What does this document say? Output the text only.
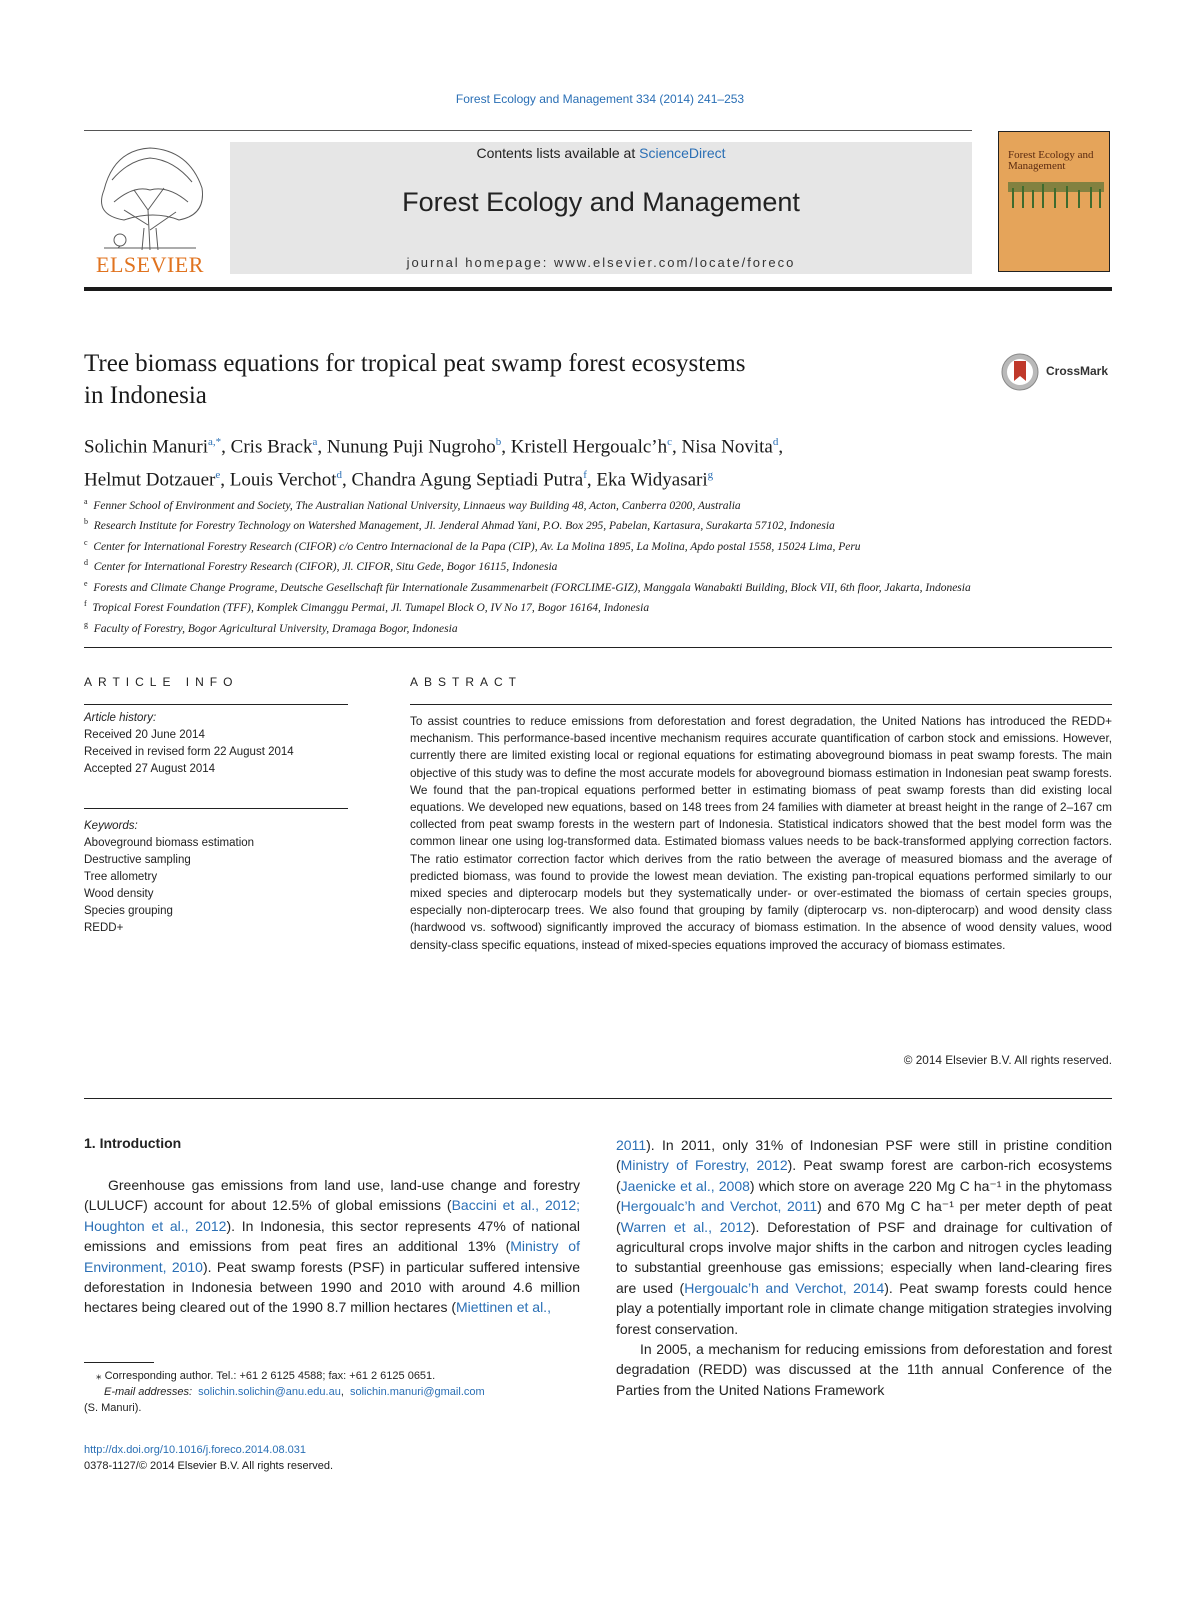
Forest Ecology and Management 334 (2014) 241–253
ELSEVIER
Contents lists available at ScienceDirect
Forest Ecology and Management
journal homepage: www.elsevier.com/locate/foreco
Forest Ecology and Management
Tree biomass equations for tropical peat swamp forest ecosystems
in Indonesia
CrossMark
Solichin Manuri$^{a,*}$, Cris Brack$^a$, Nunung Puji Nugroho$^b$, Kristell $Hergoualc’h^c$, Nisa Novita$^d$,
Helmut Dotzauer$^e$, Louis Verchot$^d$, Chandra Agung Septiadi Putra$^f$, Eka Widyasari$^g$
$^a$  Fenner School of Environment and Society, The Australian National University, Linnaeus way Building 48, Acton, Canberra 0200, Australia
$^b$  Research Institute for Forestry Technology on Watershed Management, Jl. Jenderal Ahmad Yani, P.O. Box 295, Pabelan, Kartasura, Surakarta 57102, Indonesia
$^c$  Center for International Forestry Research (CIFOR) c/o Centro Internacional de la Papa (CIP), Av. La Molina 1895, La Molina, Apdo postal 1558, 15024 Lima, Peru
$^d$  Center for International Forestry Research (CIFOR), Jl. CIFOR, Situ Gede, Bogor 16115, Indonesia
$^e$  Forests and Climate Change Programe, Deutsche Gesellschaft für Internationale Zusammenarbeit (FORCLIME-GIZ), Manggala Wanabakti Building, Block VII, 6th floor, Jakarta, Indonesia
$^f$  Tropical Forest Foundation (TFF), Komplek Cimanggu Permai, Jl. Tumapel Block O, IV No 17, Bogor 16164, Indonesia
$^g$  Faculty of Forestry, Bogor Agricultural University, Dramaga Bogor, Indonesia
ARTICLE INFO
Article history:
Received 20 June 2014
Received in revised form 22 August 2014
Accepted 27 August 2014
Keywords:
Aboveground biomass estimation
Destructive sampling
Tree allometry
Wood density
Species grouping
REDD+
ABSTRACT
To assist countries to reduce emissions from deforestation and forest degradation, the United Nations has introduced the REDD+ mechanism. This performance-based incentive mechanism requires accurate quantification of carbon stock and emissions. However, currently there are limited existing local or regional equations for estimating aboveground biomass in peat swamp forests. The main objective of this study was to define the most accurate models for aboveground biomass estimation in Indonesian peat swamp forests. We found that the pan-tropical equations performed better in estimating biomass of peat swamp forests than did existing local equations. We developed new equations, based on 148 trees from 24 families with diameter at breast height in the range of 2–167 cm collected from peat swamp forests in the western part of Indonesia. Statistical indicators showed that the best model form was the common linear one using log-transformed data. Estimated biomass values needs to be back-transformed applying correction factors. The ratio estimator correction factor which derives from the ratio between the average of measured biomass and the average of predicted biomass, was found to provide the lowest mean deviation. The existing pan-tropical equations performed similarly to our mixed species and dipterocarp models but they systematically under- or over-estimated the biomass of certain species groups, especially non-dipterocarp trees. We also found that grouping by family (dipterocarp vs. non-dipterocarp) and wood density class (hardwood vs. softwood) significantly improved the accuracy of biomass estimation. In the absence of wood density values, wood density-class specific equations, instead of mixed-species equations improved the accuracy of biomass estimates.
© 2014 Elsevier B.V. All rights reserved.
1. Introduction
Greenhouse gas emissions from land use, land-use change and forestry (LULUCF) account for about 12.5% of global emissions (Baccini et al., 2012; Houghton et al., 2012). In Indonesia, this sector represents 47% of national emissions and emissions from peat fires an additional 13% (Ministry of Environment, 2010). Peat swamp forests (PSF) in particular suffered intensive deforestation in Indonesia between 1990 and 2010 with around 4.6 million hectares being cleared out of the 1990 8.7 million hectares (Miettinen et al.,
2011). In 2011, only 31% of Indonesian PSF were still in pristine condition (Ministry of Forestry, 2012). Peat swamp forest are carbon-rich ecosystems (Jaenicke et al., 2008) which store on average 220 Mg C ha⁻¹ in the phytomass (Hergoualc’h and Verchot, 2011) and 670 Mg C ha⁻¹ per meter depth of peat (Warren et al., 2012). Deforestation of PSF and drainage for cultivation of agricultural crops involve major shifts in the carbon and nitrogen cycles leading to substantial greenhouse gas emissions; especially when land-clearing fires are used (Hergoualc’h and Verchot, 2014). Peat swamp forests could hence play a potentially important role in climate change mitigation strategies involving forest conservation.
In 2005, a mechanism for reducing emissions from deforestation and forest degradation (REDD) was discussed at the 11th annual Conference of the Parties from the United Nations Framework
⁎ Corresponding author. Tel.: +61 2 6125 4588; fax: +61 2 6125 0651.
E-mail addresses: solichin.solichin@anu.edu.au,  solichin.manuri@gmail.com
(S. Manuri).
http://dx.doi.org/10.1016/j.foreco.2014.08.031
0378-1127/© 2014 Elsevier B.V. All rights reserved.
